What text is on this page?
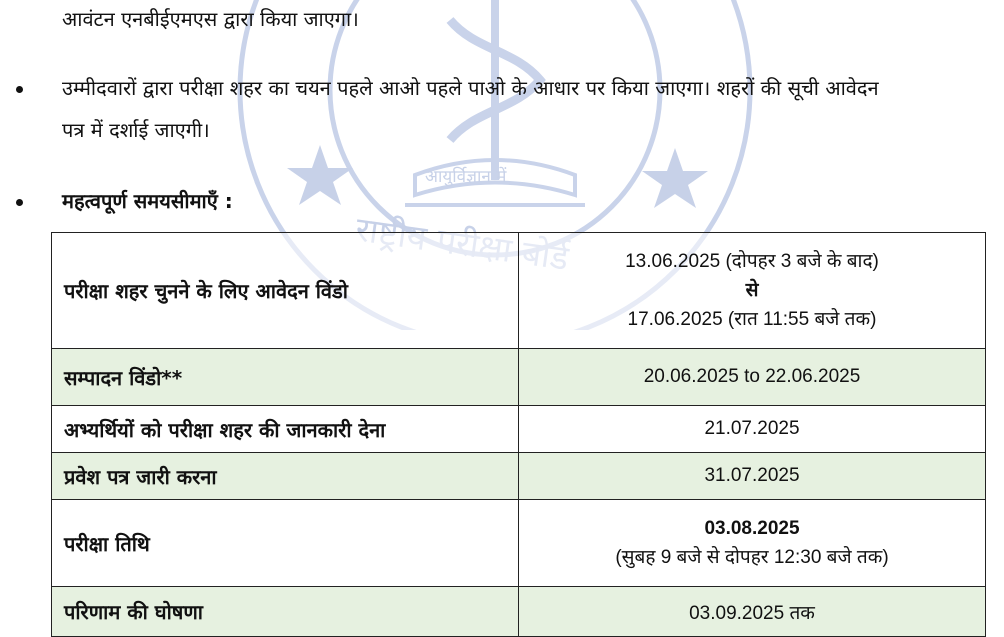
आयुर्विज्ञान में
आवंटन एनबीईएमएस द्वारा किया जाएगा।
उम्मीदवारों द्वारा परीक्षा शहर का चयन पहले आओ पहले पाओ के आधार पर किया जाएगा। शहरों की सूची आवेदन
पत्र में दर्शाई जाएगी।
महत्वपूर्ण समयसीमाएँ :
परीक्षा शहर चुनने के लिए आवेदन विंडो	13.06.2025 (दोपहर 3 बजे के बाद)
से
17.06.2025 (रात 11:55 बजे तक)

सम्पादन विंडो**	20.06.2025 to 22.06.2025
अभ्यर्थियों को परीक्षा शहर की जानकारी देना	21.07.2025
प्रवेश पत्र जारी करना	31.07.2025
परीक्षा तिथि	03.08.2025
(सुबह 9 बजे से दोपहर 12:30 बजे तक)

परिणाम की घोषणा	03.09.2025 तक
